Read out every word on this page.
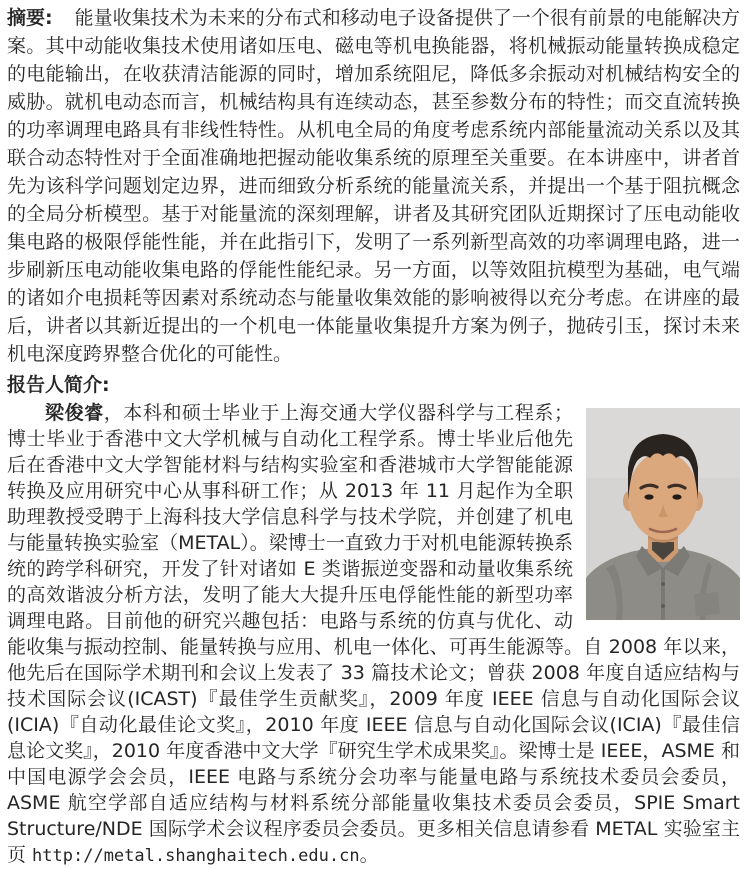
摘要: 能量收集技术为未来的分布式和移动电子设备提供了一个很有前景的电能解决方案。其中动能收集技术使用诸如压电、磁电等机电换能器，将机械振动能量转换成稳定的电能输出，在收获清洁能源的同时，增加系统阻尼，降低多余振动对机械结构安全的威胁。就机电动态而言，机械结构具有连续动态，甚至参数分布的特性；而交直流转换的功率调理电路具有非线性特性。从机电全局的角度考虑系统内部能量流动关系以及其联合动态特性对于全面准确地把握动能收集系统的原理至关重要。在本讲座中，讲者首先为该科学问题划定边界，进而细致分析系统的能量流关系，并提出一个基于阻抗概念的全局分析模型。基于对能量流的深刻理解，讲者及其研究团队近期探讨了压电动能收集电路的极限俘能性能，并在此指引下，发明了一系列新型高效的功率调理电路，进一步刷新压电动能收集电路的俘能性能纪录。另一方面，以等效阻抗模型为基础，电气端的诸如介电损耗等因素对系统动态与能量收集效能的影响被得以充分考虑。在讲座的最后，讲者以其新近提出的一个机电一体能量收集提升方案为例子，抛砖引玉，探讨未来机电深度跨界整合优化的可能性。

报告人简介:

梁俊睿，本科和硕士毕业于上海交通大学仪器科学与工程系；博士毕业于香港中文大学机械与自动化工程学系。博士毕业后他先后在香港中文大学智能材料与结构实验室和香港城市大学智能能源转换及应用研究中心从事科研工作；从 2013 年 11 月起作为全职助理教授受聘于上海科技大学信息科学与技术学院，并创建了机电与能量转换实验室（METAL）。梁博士一直致力于对机电能源转换系统的跨学科研究，开发了针对诸如 E 类谐振逆变器和动量收集系统的高效谐波分析方法，发明了能大大提升压电俘能性能的新型功率调理电路。目前他的研究兴趣包括：电路与系统的仿真与优化、动能收集与振动控制、能量转换与应用、机电一体化、可再生能源等。自 2008 年以来，他先后在国际学术期刊和会议上发表了 33 篇技术论文；曾获 2008 年度自适应结构与技术国际会议(ICAST)『最佳学生贡献奖』，2009 年度 IEEE 信息与自动化国际会议(ICIA)『自动化最佳论文奖』，2010 年度 IEEE 信息与自动化国际会议(ICIA)『最佳信息论文奖』，2010 年度香港中文大学『研究生学术成果奖』。梁博士是 IEEE，ASME 和中国电源学会会员，IEEE 电路与系统分会功率与能量电路与系统技术委员会委员，ASME 航空学部自适应结构与材料系统分部能量收集技术委员会委员，SPIE Smart Structure/NDE 国际学术会议程序委员会委员。更多相关信息请参看 METAL 实验室主页 http://metal.shanghaitech.edu.cn。
